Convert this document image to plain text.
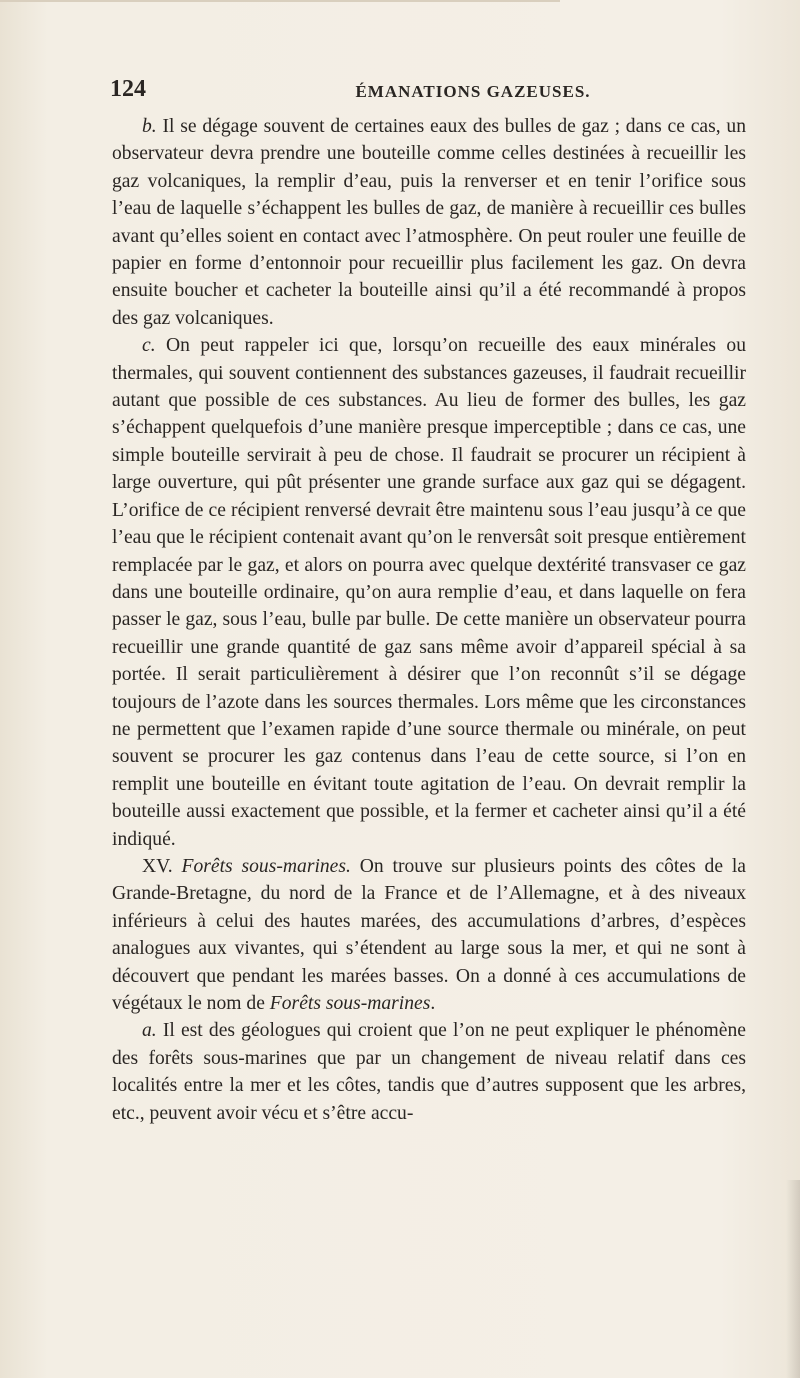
124	ÉMANATIONS GAZEUSES.

b. Il se dégage souvent de certaines eaux des bulles de gaz ; dans ce cas, un observateur devra prendre une bouteille comme celles destinées à recueillir les gaz volcaniques, la remplir d’eau, puis la renverser et en tenir l’orifice sous l’eau de laquelle s’échappent les bulles de gaz, de manière à recueillir ces bulles avant qu’elles soient en contact avec l’atmosphère. On peut rouler une feuille de papier en forme d’entonnoir pour recueillir plus facilement les gaz. On devra ensuite boucher et cacheter la bouteille ainsi qu’il a été recommandé à propos des gaz volcaniques.

c. On peut rappeler ici que, lorsqu’on recueille des eaux minérales ou thermales, qui souvent contiennent des substances gazeuses, il faudrait recueillir autant que possible de ces substances. Au lieu de former des bulles, les gaz s’échappent quelquefois d’une manière presque imperceptible ; dans ce cas, une simple bouteille servirait à peu de chose. Il faudrait se procurer un récipient à large ouverture, qui pût présenter une grande surface aux gaz qui se dégagent. L’orifice de ce récipient renversé devrait être maintenu sous l’eau jusqu’à ce que l’eau que le récipient contenait avant qu’on le renversât soit presque entièrement remplacée par le gaz, et alors on pourra avec quelque dextérité transvaser ce gaz dans une bouteille ordinaire, qu’on aura remplie d’eau, et dans laquelle on fera passer le gaz, sous l’eau, bulle par bulle. De cette manière un observateur pourra recueillir une grande quantité de gaz sans même avoir d’appareil spécial à sa portée. Il serait particulièrement à désirer que l’on reconnût s’il se dégage toujours de l’azote dans les sources thermales. Lors même que les circonstances ne permettent que l’examen rapide d’une source thermale ou minérale, on peut souvent se procurer les gaz contenus dans l’eau de cette source, si l’on en remplit une bouteille en évitant toute agitation de l’eau. On devrait remplir la bouteille aussi exactement que possible, et la fermer et cacheter ainsi qu’il a été indiqué.

XV. Forêts sous-marines. On trouve sur plusieurs points des côtes de la Grande-Bretagne, du nord de la France et de l’Allemagne, et à des niveaux inférieurs à celui des hautes marées, des accumulations d’arbres, d’espèces analogues aux vivantes, qui s’étendent au large sous la mer, et qui ne sont à découvert que pendant les marées basses. On a donné à ces accumulations de végétaux le nom de Forêts sous-marines.

a. Il est des géologues qui croient que l’on ne peut expliquer le phénomène des forêts sous-marines que par un changement de niveau relatif dans ces localités entre la mer et les côtes, tandis que d’autres supposent que les arbres, etc., peuvent avoir vécu et s’être accu-
